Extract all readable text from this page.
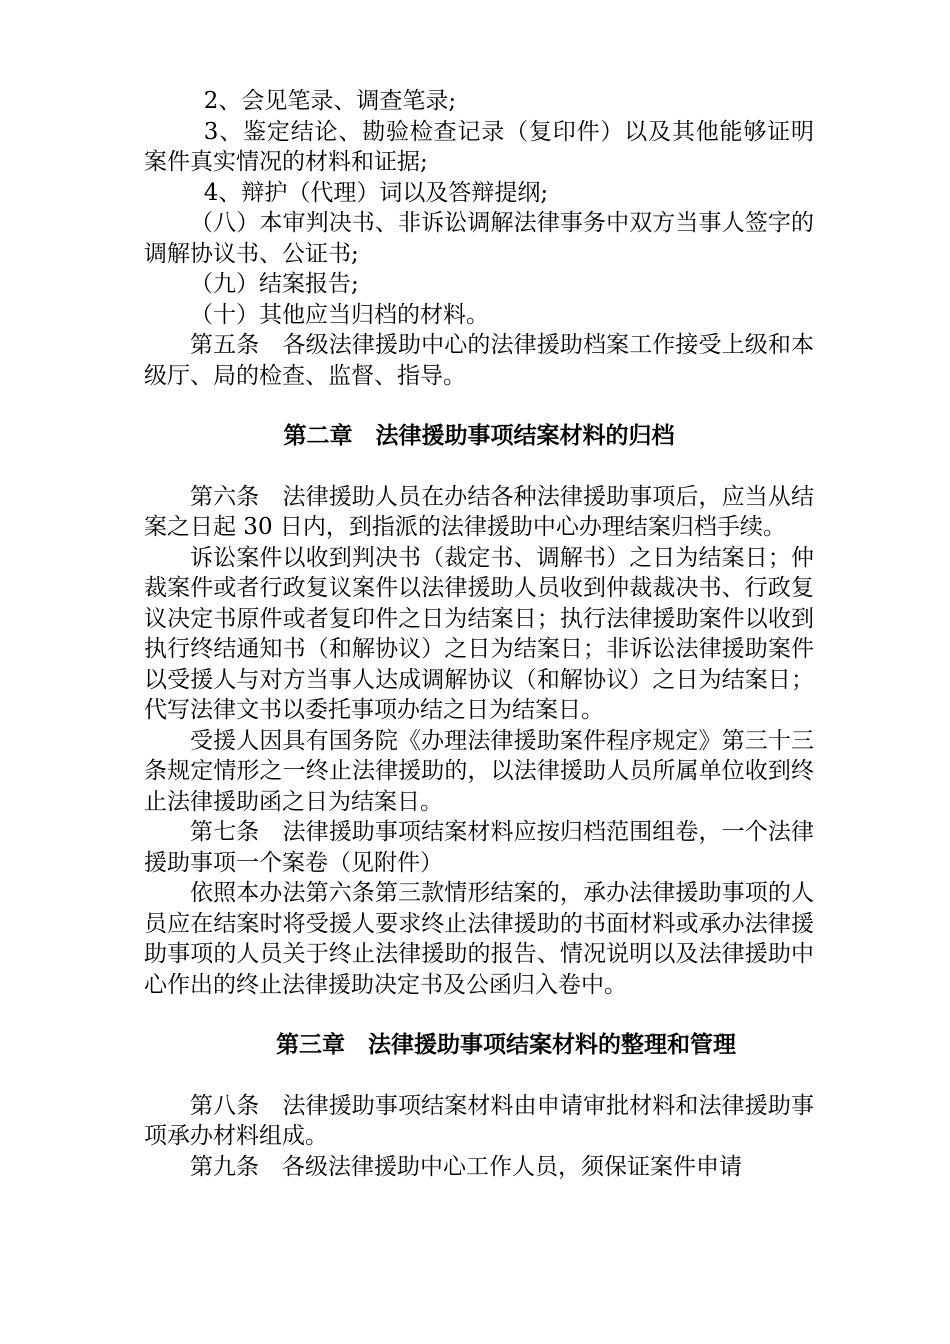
2、会见笔录、调查笔录;

3、鉴定结论、勘验检查记录（复印件）以及其他能够证明案件真实情况的材料和证据;

4、辩护（代理）词以及答辩提纲;

（八）本审判决书、非诉讼调解法律事务中双方当事人签字的调解协议书、公证书;

（九）结案报告;

（十）其他应当归档的材料。

第五条　各级法律援助中心的法律援助档案工作接受上级和本级厅、局的检查、监督、指导。

第二章　法律援助事项结案材料的归档

第六条　法律援助人员在办结各种法律援助事项后，应当从结案之日起 30 日内，到指派的法律援助中心办理结案归档手续。

诉讼案件以收到判决书（裁定书、调解书）之日为结案日；仲裁案件或者行政复议案件以法律援助人员收到仲裁裁决书、行政复议决定书原件或者复印件之日为结案日；执行法律援助案件以收到执行终结通知书（和解协议）之日为结案日；非诉讼法律援助案件以受援人与对方当事人达成调解协议（和解协议）之日为结案日；代写法律文书以委托事项办结之日为结案日。

受援人因具有国务院《办理法律援助案件程序规定》第三十三条规定情形之一终止法律援助的，以法律援助人员所属单位收到终止法律援助函之日为结案日。

第七条　法律援助事项结案材料应按归档范围组卷，一个法律援助事项一个案卷（见附件）

依照本办法第六条第三款情形结案的，承办法律援助事项的人员应在结案时将受援人要求终止法律援助的书面材料或承办法律援助事项的人员关于终止法律援助的报告、情况说明以及法律援助中心作出的终止法律援助决定书及公函归入卷中。

第三章　法律援助事项结案材料的整理和管理

第八条　法律援助事项结案材料由申请审批材料和法律援助事项承办材料组成。

第九条　各级法律援助中心工作人员，须保证案件申请
